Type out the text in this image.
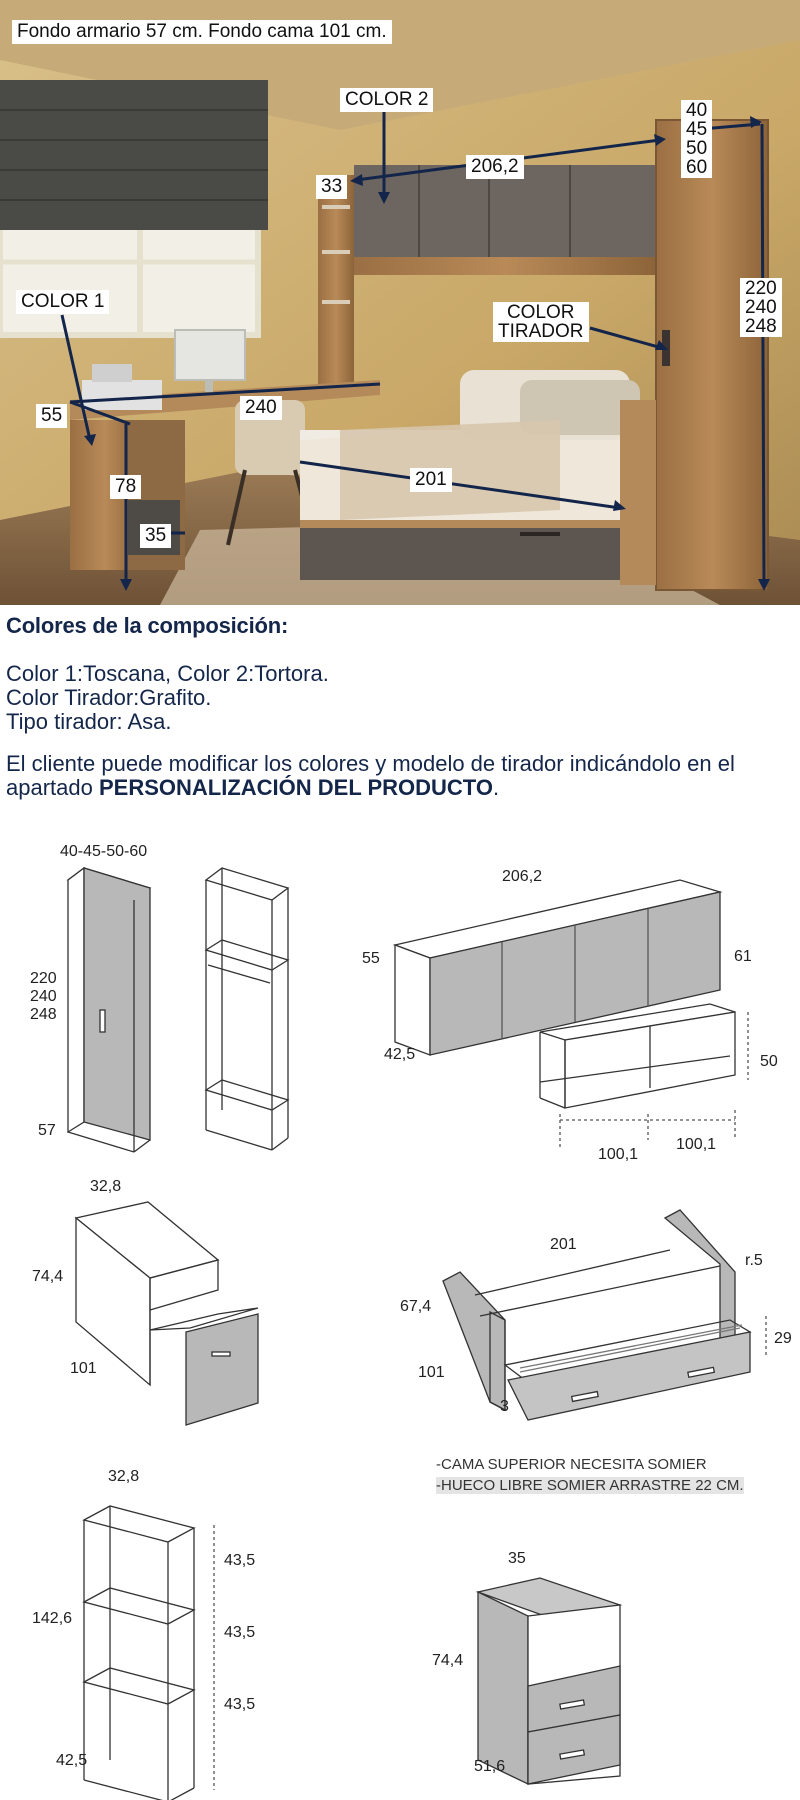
Fondo armario 57 cm. Fondo cama 101 cm.
COLOR 2
206,2
33
40
45
50
60
220
240
248
COLOR 1
COLOR
TIRADOR
55	240
78	201
35
Colores de la composición:

Color 1:Toscana, Color 2:Tortora.

Color Tirador:Grafito.

Tipo tirador: Asa.

El cliente puede modificar los colores y modelo de tirador indicándolo en el apartado PERSONALIZACIÓN DEL PRODUCTO.

40-45-50-60
220
240
248
57
206,2
55
42,5
61
50
100,1
100,1
32,8
74,4
101
201
r.5
67,4
101
29
3
32,8
142,6
42,5
43,5
43,5
43,5
-CAMA SUPERIOR NECESITA SOMIER
-HUECO LIBRE SOMIER ARRASTRE 22 CM.
35
74,4
51,6
